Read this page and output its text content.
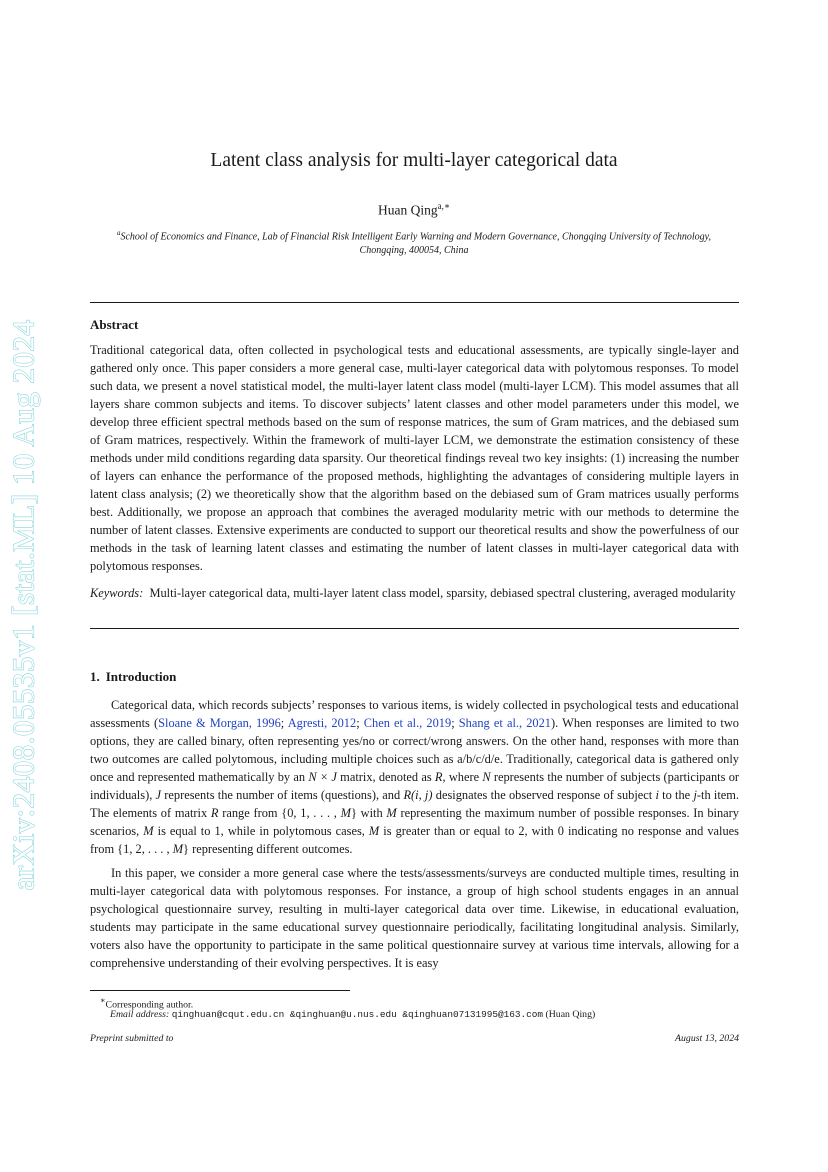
arXiv:2408.05535v1 [stat.ML] 10 Aug 2024
Latent class analysis for multi-layer categorical data
Huan Qing$^{a,∗}$
$^a$School of Economics and Finance, Lab of Financial Risk Intelligent Early Warning and Modern Governance, Chongqing University of Technology, Chongqing, 400054, China
Abstract

Traditional categorical data, often collected in psychological tests and educational assessments, are typically single-layer and gathered only once. This paper considers a more general case, multi-layer categorical data with polytomous responses. To model such data, we present a novel statistical model, the multi-layer latent class model (multi-layer LCM). This model assumes that all layers share common subjects and items. To discover subjects’ latent classes and other model parameters under this model, we develop three efficient spectral methods based on the sum of response matrices, the sum of Gram matrices, and the debiased sum of Gram matrices, respectively. Within the framework of multi-layer LCM, we demonstrate the estimation consistency of these methods under mild conditions regarding data sparsity. Our theoretical findings reveal two key insights: (1) increasing the number of layers can enhance the performance of the proposed methods, highlighting the advantages of considering multiple layers in latent class analysis; (2) we theoretically show that the algorithm based on the debiased sum of Gram matrices usually performs best. Additionally, we propose an approach that combines the averaged modularity metric with our methods to determine the number of latent classes. Extensive experiments are conducted to support our theoretical results and show the powerfulness of our methods in the task of learning latent classes and estimating the number of latent classes in multi-layer categorical data with polytomous responses.

Keywords: Multi-layer categorical data, multi-layer latent class model, sparsity, debiased spectral clustering, averaged modularity

1. Introduction

Categorical data, which records subjects’ responses to various items, is widely collected in psychological tests and educational assessments (Sloane & Morgan, 1996; Agresti, 2012; Chen et al., 2019; Shang et al., 2021). When responses are limited to two options, they are called binary, often representing yes/no or correct/wrong answers. On the other hand, responses with more than two outcomes are called polytomous, including multiple choices such as a/b/c/d/e. Traditionally, categorical data is gathered only once and represented mathematically by an N × J matrix, denoted as R, where N represents the number of subjects (participants or individuals), J represents the number of items (questions), and R(i, j) designates the observed response of subject i to the j-th item. The elements of matrix R range from {0, 1, . . . , M} with M representing the maximum number of possible responses. In binary scenarios, M is equal to 1, while in polytomous cases, M is greater than or equal to 2, with 0 indicating no response and values from {1, 2, . . . , M} representing different outcomes.

In this paper, we consider a more general case where the tests/assessments/surveys are conducted multiple times, resulting in multi-layer categorical data with polytomous responses. For instance, a group of high school students engages in an annual psychological questionnaire survey, resulting in multi-layer categorical data over time. Likewise, in educational evaluation, students may participate in the same educational survey questionnaire periodically, facilitating longitudinal analysis. Similarly, voters also have the opportunity to participate in the same political questionnaire survey at various time intervals, allowing for a comprehensive understanding of their evolving perspectives. It is easy

∗Corresponding author.
Email address: qinghuan@cqut.edu.cn &qinghuan@u.nus.edu &qinghuan07131995@163.com (Huan Qing)
Preprint submitted to	August 13, 2024
